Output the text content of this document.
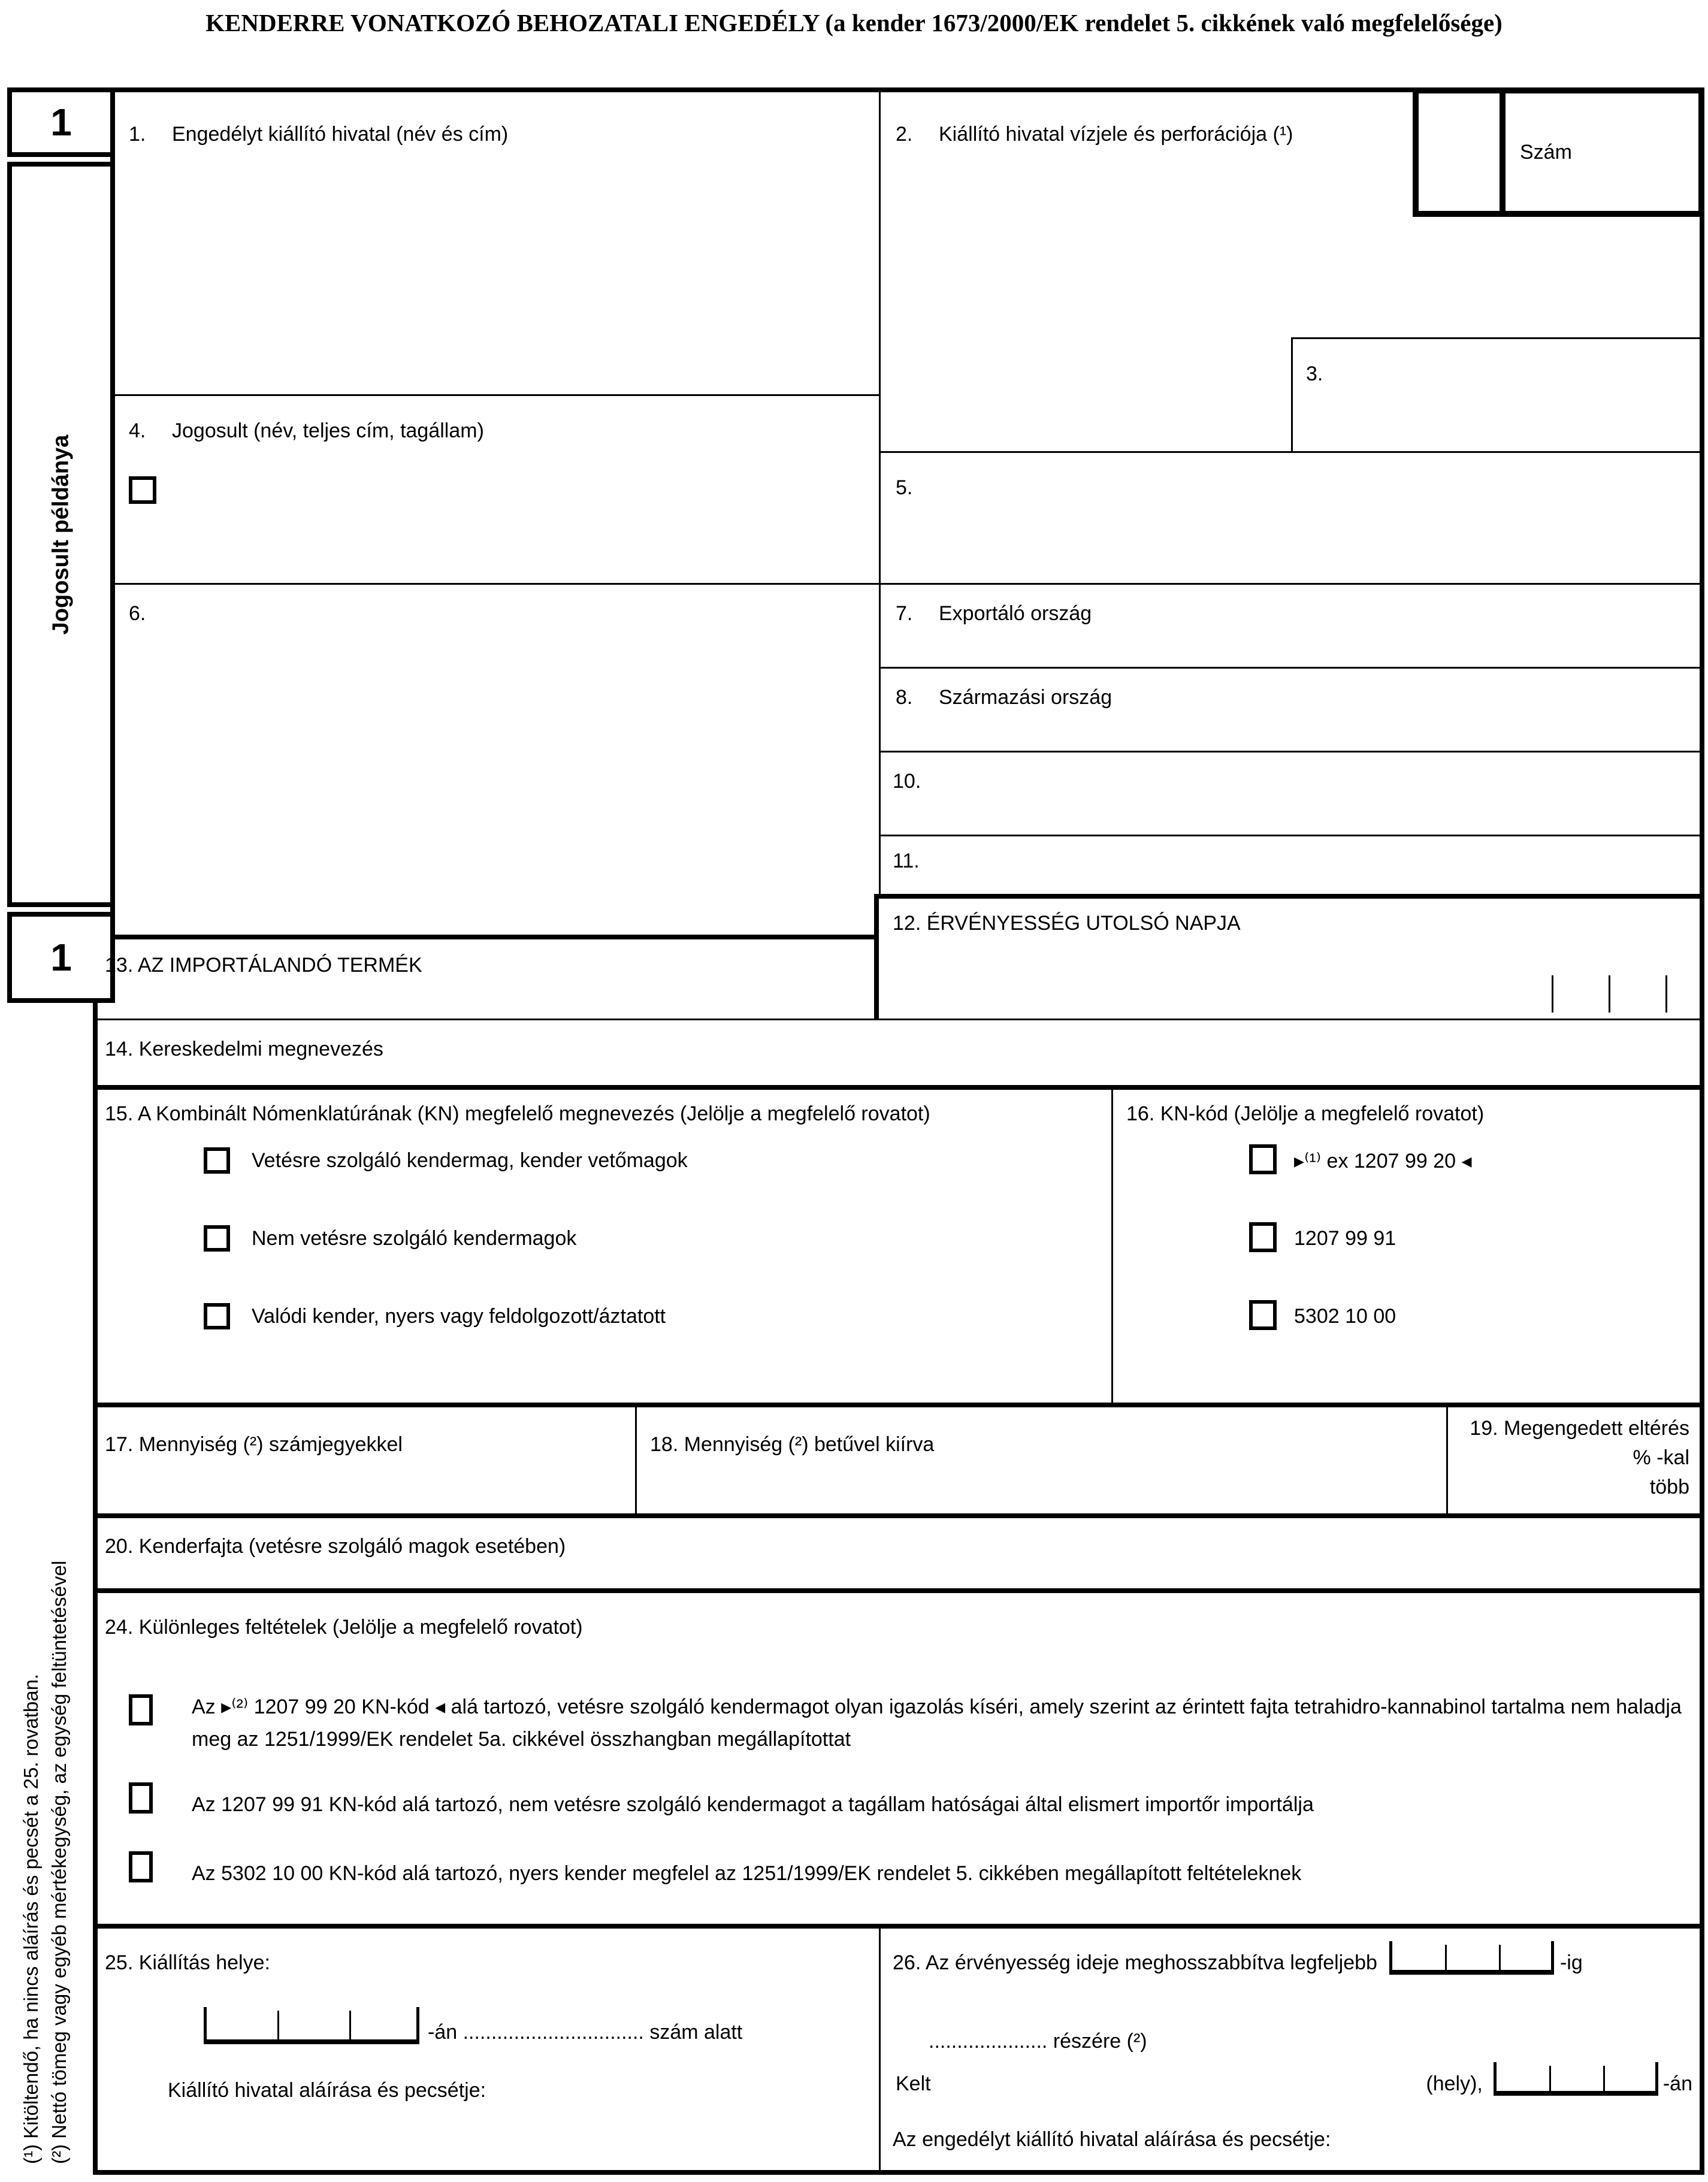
KENDERRE VONATKOZÓ BEHOZATALI ENGEDÉLY (a kender 1673/2000/EK rendelet 5. cikkének való megfelelősége)
1
Jogosult példánya
1
Szám
1. Engedélyt kiállító hivatal (név és cím)	2. Kiállító hivatal vízjele és perforációja (¹)
3.
4. Jogosult (név, teljes cím, tagállam)
5.
6.	7. Exportáló ország
8. Származási ország
10.
11.
12. ÉRVÉNYESSÉG UTOLSÓ NAPJA
13. AZ IMPORTÁLANDÓ TERMÉK
14. Kereskedelmi megnevezés
15. A Kombinált Nómenklatúrának (KN) megfelelő megnevezés (Jelölje a megfelelő rovatot)
Vetésre szolgáló kendermag, kender vetőmagok
Nem vetésre szolgáló kendermagok
Valódi kender, nyers vagy feldolgozott/áztatott
16. KN-kód (Jelölje a megfelelő rovatot)
▸⁽¹⁾ ex 1207 99 20 ◂
1207 99 91
5302 10 00
17. Mennyiség (²) számjegyekkel	18. Mennyiség (²) betűvel kiírva
19. Megengedett eltérés
% -kal
több
20. Kenderfajta (vetésre szolgáló magok esetében)
24. Különleges feltételek (Jelölje a megfelelő rovatot)
Az ▸⁽²⁾ 1207 99 20 KN-kód ◂ alá tartozó, vetésre szolgáló kendermagot olyan igazolás kíséri, amely szerint az érintett fajta tetrahidro-kannabinol tartalma nem haladja meg az 1251/1999/EK rendelet 5a. cikkével összhangban megállapítottat
Az 1207 99 91 KN-kód alá tartozó, nem vetésre szolgáló kendermagot a tagállam hatóságai által elismert importőr importálja
Az 5302 10 00 KN-kód alá tartozó, nyers kender megfelel az 1251/1999/EK rendelet 5. cikkében megállapított feltételeknek
25. Kiállítás helye:
-án ................................ szám alatt
Kiállító hivatal aláírása és pecsétje:
26. Az érvényesség ideje meghosszabbítva legfeljebb	-ig
..................... részére (²)
Kelt	(hely),	-án
Az engedélyt kiállító hivatal aláírása és pecsétje:
(¹) Kitöltendő, ha nincs aláírás és pecsét a 25. rovatban. (²) Nettó tömeg vagy egyéb mértékegység, az egység feltüntetésével
